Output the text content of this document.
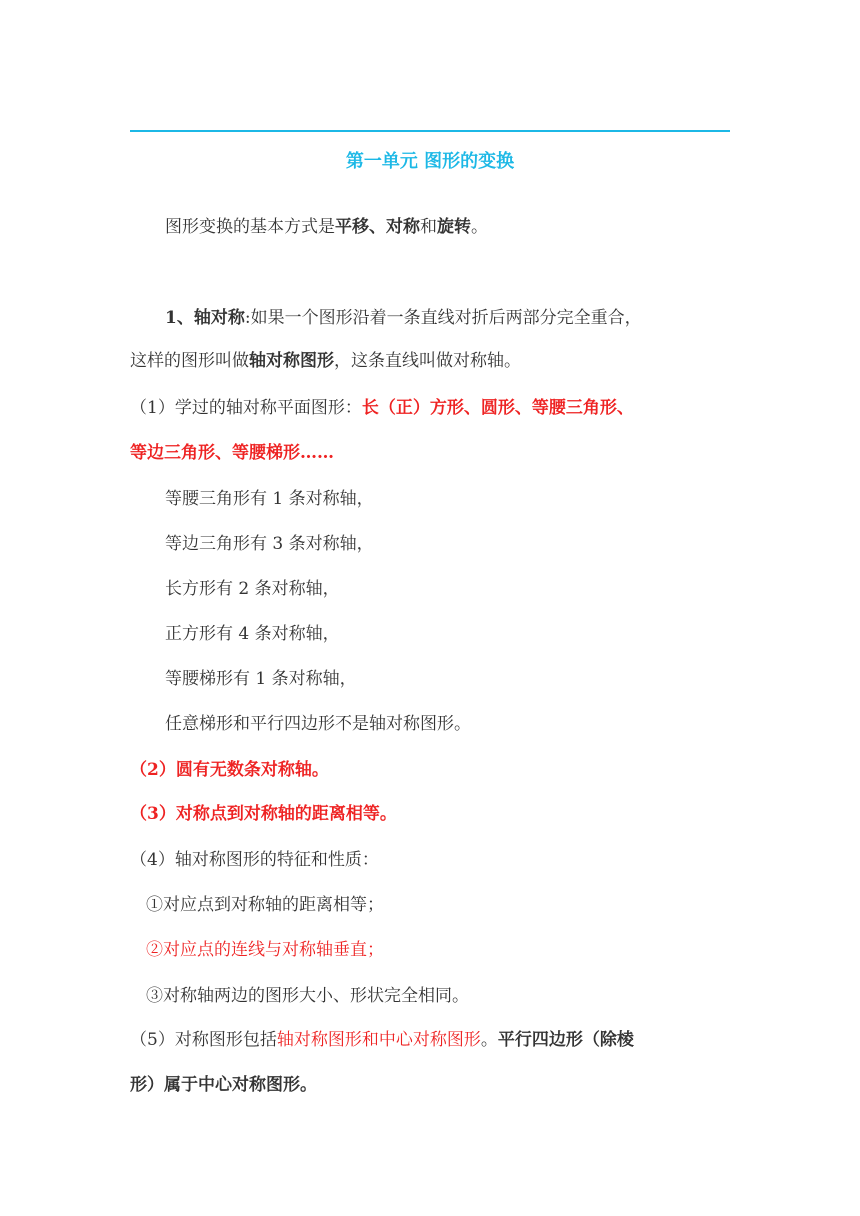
第一单元 图形的变换
图形变换的基本方式是平移、对称和旋转。
1、轴对称:如果一个图形沿着一条直线对折后两部分完全重合，
这样的图形叫做轴对称图形，这条直线叫做对称轴。
（1）学过的轴对称平面图形：长（正）方形、圆形、等腰三角形、
等边三角形、等腰梯形……
等腰三角形有 1 条对称轴，
等边三角形有 3 条对称轴，
长方形有 2 条对称轴，
正方形有 4 条对称轴，
等腰梯形有 1 条对称轴，
任意梯形和平行四边形不是轴对称图形。
（2）圆有无数条对称轴。
（3）对称点到对称轴的距离相等。
（4）轴对称图形的特征和性质：
①对应点到对称轴的距离相等；
②对应点的连线与对称轴垂直；
③对称轴两边的图形大小、形状完全相同。
（5）对称图形包括轴对称图形和中心对称图形。平行四边形（除棱
形）属于中心对称图形。
